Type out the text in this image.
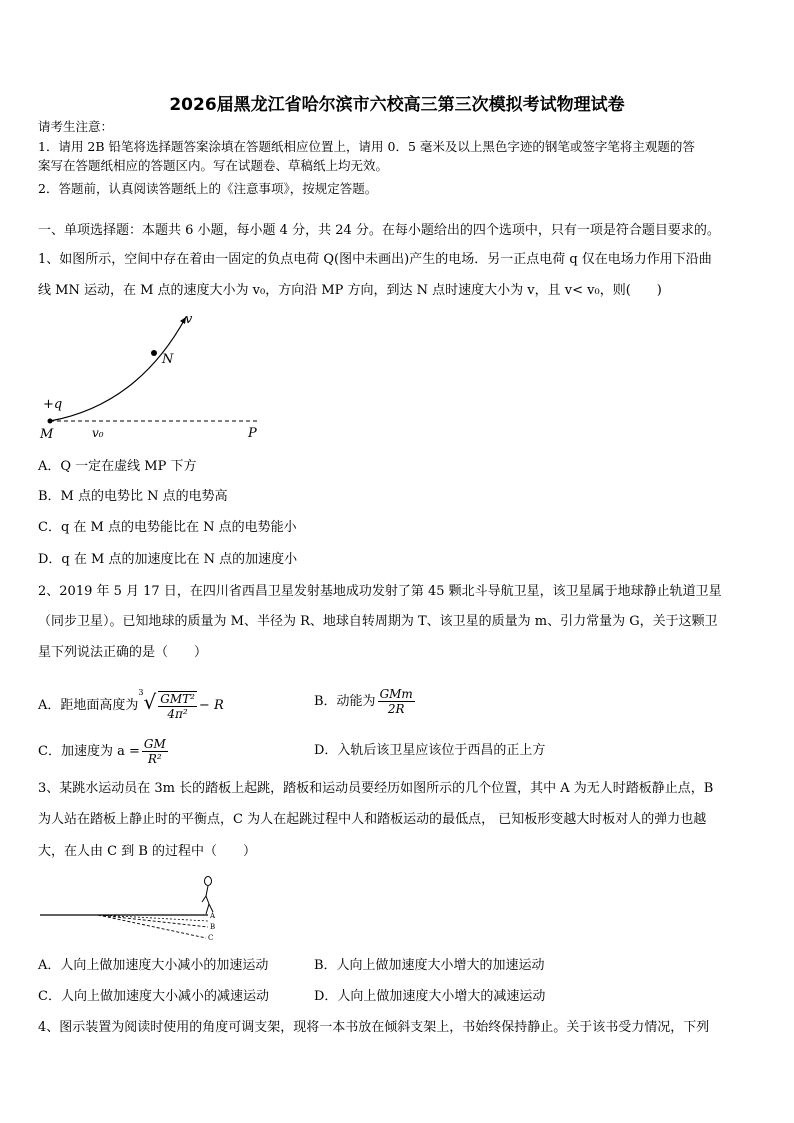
2026届黑龙江省哈尔滨市六校高三第三次模拟考试物理试卷
请考生注意：
1．请用 2B 铅笔将选择题答案涂填在答题纸相应位置上，请用 0．5 毫米及以上黑色字迹的钢笔或签字笔将主观题的答
案写在答题纸相应的答题区内。写在试题卷、草稿纸上均无效。
2．答题前，认真阅读答题纸上的《注意事项》，按规定答题。
一、单项选择题：本题共 6 小题，每小题 4 分，共 24 分。在每小题给出的四个选项中，只有一项是符合题目要求的。
1、如图所示，空间中存在着由一固定的负点电荷 Q(图中未画出)产生的电场．另一正点电荷 q 仅在电场力作用下沿曲
线 MN 运动，在 M 点的速度大小为 v₀，方向沿 MP 方向，到达 N 点时速度大小为 v，且 v< v₀，则(　　)
v
N
+q
M	v₀	P
A．Q 一定在虚线 MP 下方
B．M 点的电势比 N 点的电势高
C．q 在 M 点的电势能比在 N 点的电势能小
D．q 在 M 点的加速度比在 N 点的加速度小
2、2019 年 5 月 17 日，在四川省西昌卫星发射基地成功发射了第 45 颗北斗导航卫星，该卫星属于地球静止轨道卫星
（同步卫星）。已知地球的质量为 M、半径为 R、地球自转周期为 T、该卫星的质量为 m、引力常量为 G，关于这颗卫
星下列说法正确的是（　　）
A．距地面高度为$^3√ \frac{\text{GMT²}}{\text{4π²}} - R$	B．动能为 $\frac{\text{GMm}}{2R}$
C．加速度为 $a = \frac{GM}{\text{R²}}$	D．入轨后该卫星应该位于西昌的正上方
3、某跳水运动员在 3m 长的踏板上起跳，踏板和运动员要经历如图所示的几个位置，其中 A 为无人时踏板静止点，B
为人站在踏板上静止时的平衡点，C 为人在起跳过程中人和踏板运动的最低点， 已知板形变越大时板对人的弹力也越
大，在人由 C 到 B 的过程中（　　）
A
B
C
A．人向上做加速度大小减小的加速运动	B．人向上做加速度大小增大的加速运动
C．人向上做加速度大小减小的减速运动	D．人向上做加速度大小增大的减速运动
4、图示装置为阅读时使用的角度可调支架，现将一本书放在倾斜支架上，书始终保持静止。关于该书受力情况，下列
